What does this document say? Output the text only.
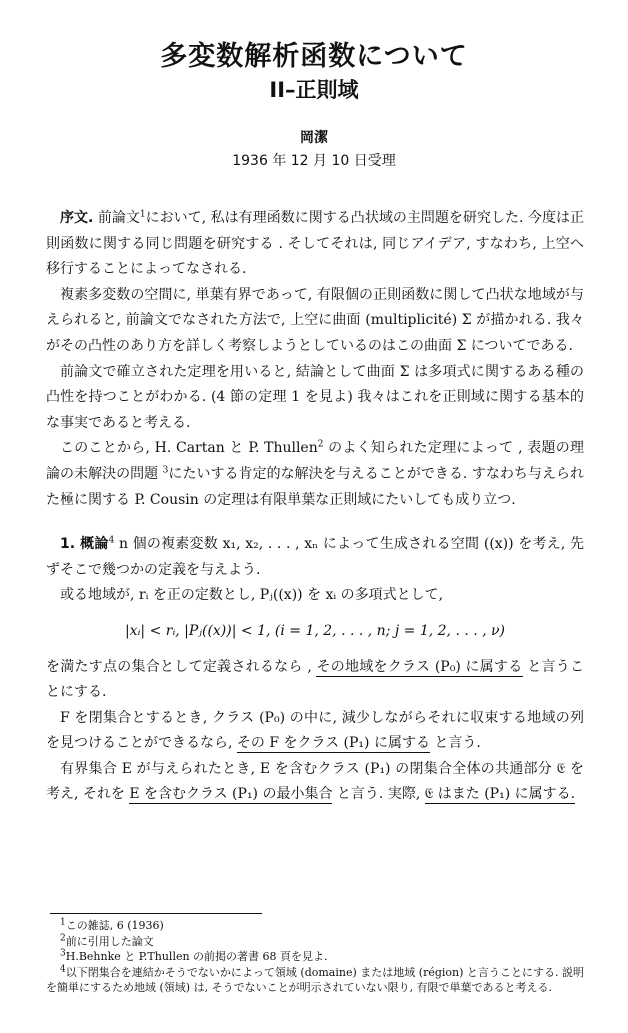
多変数解析函数について
II–正則域
岡潔
1936 年 12 月 10 日受理

序文. 前論文$^1$において, 私は有理函数に関する凸状域の主問題を研究した. 今度は正則函数に関する同じ問題を研究する . そしてそれは, 同じアイデア, すなわち, 上空へ移行することによってなされる.

複素多変数の空間に, 単葉有界であって, 有限個の正則函数に関して凸状な地域が与えられると, 前論文でなされた方法で, 上空に曲面 (multiplicité) Σ が描かれる. 我々がその凸性のあり方を詳しく考察しようとしているのはこの曲面 Σ についてである.

前論文で確立された定理を用いると, 結論として曲面 Σ は多項式に関するある種の凸性を持つことがわかる. (4 節の定理 1 を見よ) 我々はこれを正則域に関する基本的な事実であると考える.

このことから, H. Cartan と P. Thullen$^2$ のよく知られた定理によって , 表題の理論の未解決の問題 $^3$にたいする肯定的な解決を与えることができる. すなわち与えられた極に関する P. Cousin の定理は有限単葉な正則域にたいしても成り立つ.

1. 概論$^4$ n 個の複素変数 x₁, x₂, . . . , xₙ によって生成される空間 ((x)) を考え, 先ずそこで幾つかの定義を与えよう.

或る地域が, rᵢ を正の定数とし, Pⱼ((x)) を xᵢ の多項式として,

|xᵢ| < rᵢ, |Pⱼ((x))| < 1, (i = 1, 2, . . . , n; j = 1, 2, . . . , ν)

を満たす点の集合として定義されるなら , その地域をクラス (P₀) に属する と言うことにする.

F を閉集合とするとき, クラス (P₀) の中に, 減少しながらそれに収束する地域の列を見つけることができるなら, その F をクラス (P₁) に属する と言う.

有界集合 E が与えられたとき, E を含むクラス (P₁) の閉集合全体の共通部分 𝔈 を考え, それを E を含むクラス (P₁) の最小集合 と言う. 実際, 𝔈 はまた (P₁) に属する.

$^1$この雑誌, 6 (1936)
$^2$前に引用した論文
$^3$H.Behnke と P.Thullen の前掲の著書 68 頁を見よ.
$^4$以下閉集合を連結かそうでないかによって領域 (domaine) または地域 (région) と言うことにする. 説明を簡単にするため地域 (領域) は, そうでないことが明示されていない限り, 有限で単葉であると考える.
